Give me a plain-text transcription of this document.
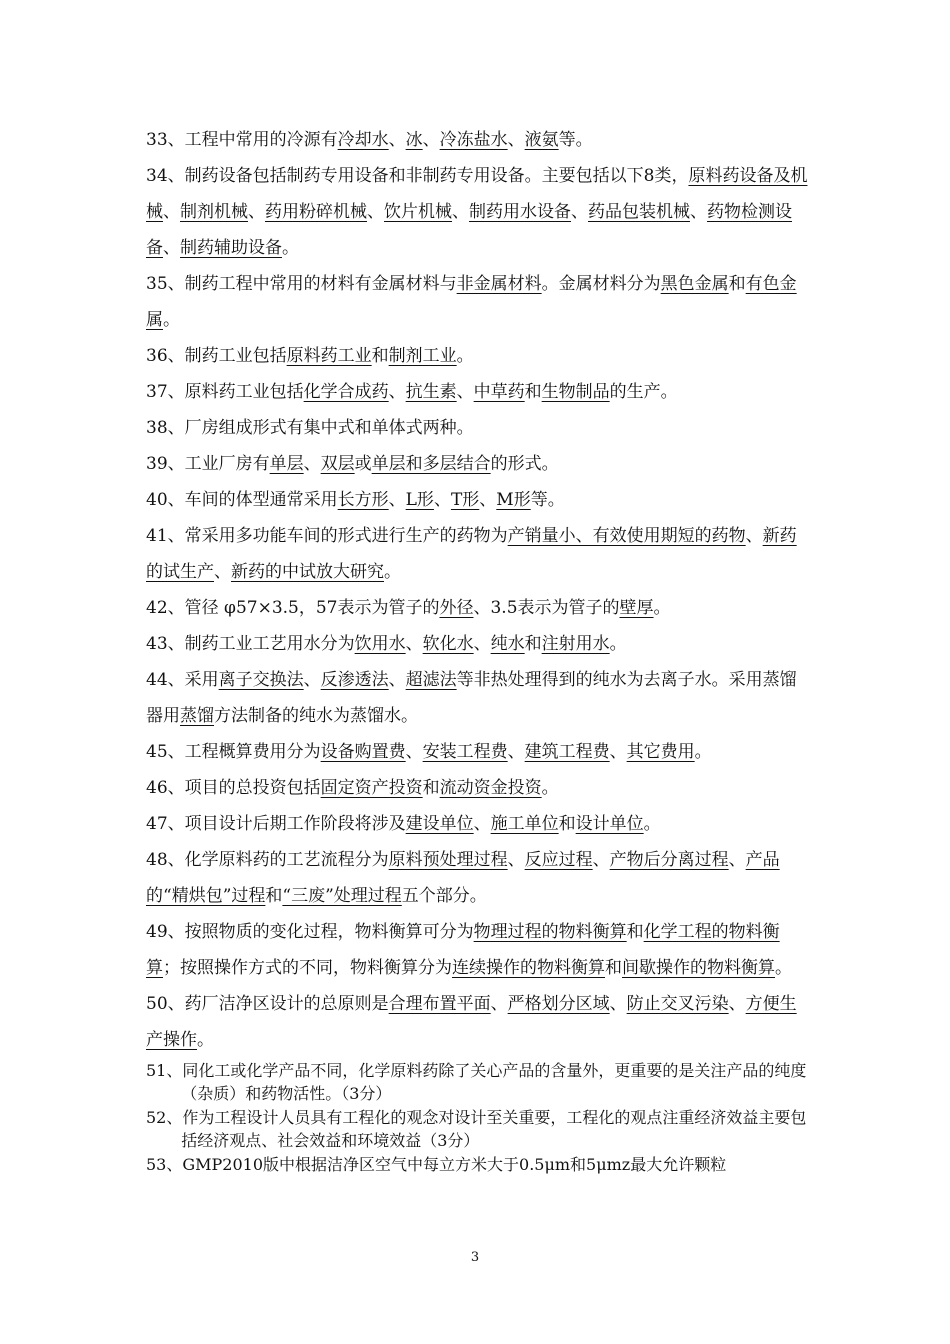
33、工程中常用的冷源有冷却水、冰、冷冻盐水、液氨等。

34、制药设备包括制药专用设备和非制药专用设备。主要包括以下8类，原料药设备及机械、制剂机械、药用粉碎机械、饮片机械、制药用水设备、药品包装机械、药物检测设备、制药辅助设备。

35、制药工程中常用的材料有金属材料与非金属材料。金属材料分为黑色金属和有色金属。

36、制药工业包括原料药工业和制剂工业。

37、原料药工业包括化学合成药、抗生素、中草药和生物制品的生产。

38、厂房组成形式有集中式和单体式两种。

39、工业厂房有单层、双层或单层和多层结合的形式。

40、车间的体型通常采用长方形、L形、T形、M形等。

41、常采用多功能车间的形式进行生产的药物为产销量小、有效使用期短的药物、新药的试生产、新药的中试放大研究。

42、管径 φ57×3.5，57表示为管子的外径、3.5表示为管子的壁厚。

43、制药工业工艺用水分为饮用水、软化水、纯水和注射用水。

44、采用离子交换法、反渗透法、超滤法等非热处理得到的纯水为去离子水。采用蒸馏器用蒸馏方法制备的纯水为蒸馏水。

45、工程概算费用分为设备购置费、安装工程费、建筑工程费、其它费用。

46、项目的总投资包括固定资产投资和流动资金投资。

47、项目设计后期工作阶段将涉及建设单位、施工单位和设计单位。

48、化学原料药的工艺流程分为原料预处理过程、反应过程、产物后分离过程、产品的“精烘包”过程和“三废”处理过程五个部分。

49、按照物质的变化过程，物料衡算可分为物理过程的物料衡算和化学工程的物料衡算；按照操作方式的不同，物料衡算分为连续操作的物料衡算和间歇操作的物料衡算。

50、药厂洁净区设计的总原则是合理布置平面、严格划分区域、防止交叉污染、方便生产操作。

51、同化工或化学产品不同，化学原料药除了关心产品的含量外，更重要的是关注产品的纯度（杂质）和药物活性。（3分）

52、作为工程设计人员具有工程化的观念对设计至关重要，工程化的观点注重经济效益主要包括经济观点、社会效益和环境效益（3分）

53、GMP2010版中根据洁净区空气中每立方米大于0.5μm和5μmz最大允许颗粒

3
